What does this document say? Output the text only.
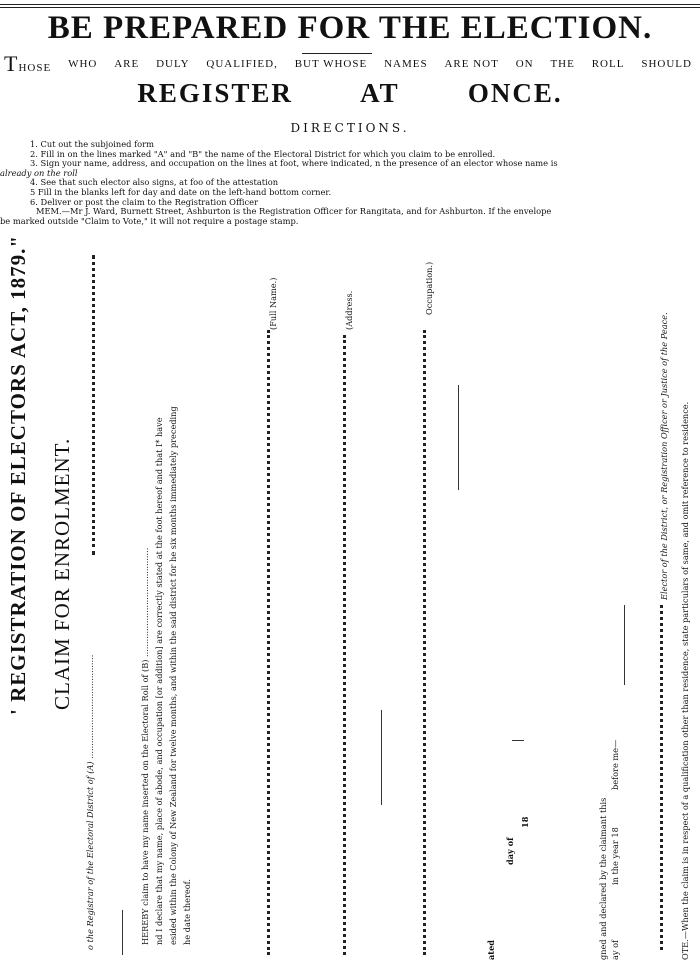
BE PREPARED FOR THE ELECTION.
THOSE WHO ARE DULY QUALIFIED, BUT WHOSE NAMES ARE NOT ON THE ROLL SHOULD
REGISTER AT ONCE.
DIRECTIONS.
1. Cut out the subjoined form
2. Fill in on the lines marked "A" and "B" the name of the Electoral District for which you claim to be enrolled.
3. Sign your name, address, and occupation on the lines at foot, where indicated, n the presence of an elector whose name is
already on the roll
4. See that such elector also signs, at foo of the attestation
5 Fill in the blanks left for day and date on the left-hand bottom corner.
6. Deliver or post the claim to the Registration Officer
MEM.—Mr J. Ward, Burnett Street, Ashburton is the Registration Officer for Rangitata, and for Ashburton. If the envelope
be marked outside "Claim to Vote," it will not require a postage stamp.
' REGISTRATION OF ELECTORS ACT, 1879." CLAIM FOR ENROLMENT.
o the Registrar of the Electoral District of (A) ........................................	HEREBY claim to have my name inserted on the Electoral Roll of (B) .......................................... nd I declare that my name, place of abode, and occupation [or addition] are correctly stated at the foot hereof and that I* have esided within the Colony of New Zealand for twelve months, and within the said district for he six months immediately preceding he date thereof.
(Full Name.)	(Address.	Occupation.)
ated
day of
18	gned and declared by the claimant this ay of
in the year 18
before me—
Elector of the District, or Registration Officer or Justice of the Peace. OTE.—When the claim is in respect of a qualification other than residence, state particulars of same, and omit reference to residence.
